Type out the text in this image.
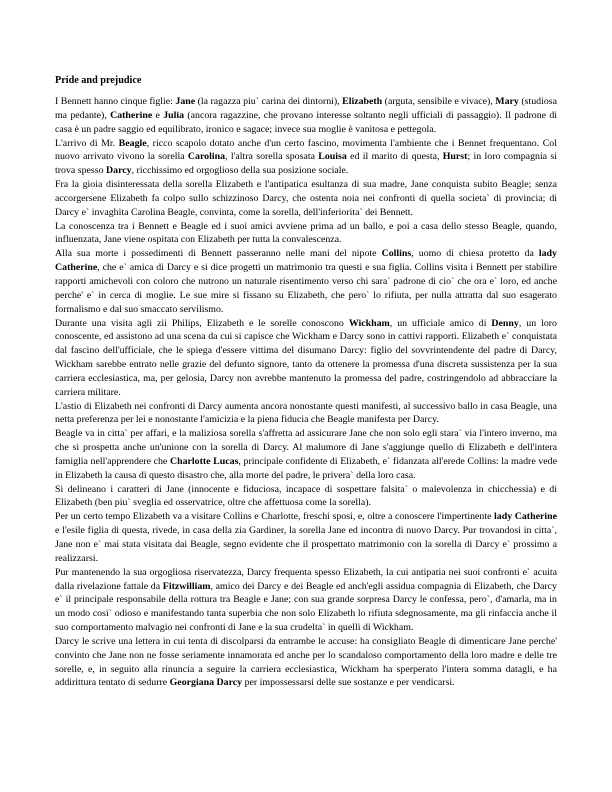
Pride and prejudice

I Bennett hanno cinque figlie: Jane (la ragazza piu` carina dei dintorni), Elizabeth (arguta, sensibile e vivace), Mary (studiosa ma pedante), Catherine e Julia (ancora ragazzine, che provano interesse soltanto negli ufficiali di passaggio). Il padrone di casa è un padre saggio ed equilibrato, ironico e sagace; invece sua moglie è vanitosa e pettegola.

L'arrivo di Mr. Beagle, ricco scapolo dotato anche d'un certo fascino, movimenta l'ambiente che i Bennet frequentano. Col nuovo arrivato vivono la sorella Carolina, l'altra sorella sposata Louisa ed il marito di questa, Hurst; in loro compagnia si trova spesso Darcy, ricchissimo ed orgoglioso della sua posizione sociale.

Fra la gioia disinteressata della sorella Elizabeth e l'antipatica esultanza di sua madre, Jane conquista subito Beagle; senza accorgersene Elizabeth fa colpo sullo schizzinoso Darcy, che ostenta noia nei confronti di quella societa` di provincia; di Darcy e` invaghita Carolina Beagle, convinta, come la sorella, dell'inferiorita` dei Bennett.

La conoscenza tra i Bennett e Beagle ed i suoi amici avviene prima ad un ballo, e poi a casa dello stesso Beagle, quando, influenzata, Jane viene ospitata con Elizabeth per tutta la convalescenza.

Alla sua morte i possedimenti di Bennett passeranno nelle mani del nipote Collins, uomo di chiesa protetto da lady Catherine, che e` amica di Darcy e si dice progetti un matrimonio tra questi e sua figlia. Collins visita i Bennett per stabilire rapporti amichevoli con coloro che nutrono un naturale risentimento verso chi sara` padrone di cio` che ora e` loro, ed anche perche' e` in cerca di moglie. Le sue mire si fissano su Elizabeth, che pero` lo rifiuta, per nulla attratta dal suo esagerato formalismo e dal suo smaccato servilismo.

Durante una visita agli zii Philips, Elizabeth e le sorelle conoscono Wickham, un ufficiale amico di Denny, un loro conoscente, ed assistono ad una scena da cui si capisce che Wickham e Darcy sono in cattivi rapporti. Elizabeth e` conquistata dal fascino dell'ufficiale, che le spiega d'essere vittima del disumano Darcy: figlio del sovvrintendente del padre di Darcy, Wickham sarebbe entrato nelle grazie del defunto signore, tanto da ottenere la promessa d'una discreta sussistenza per la sua carriera ecclesiastica, ma, per gelosia, Darcy non avrebbe mantenuto la promessa del padre, costringendolo ad abbracciare la carriera militare.

L'astio di Elizabeth nei confronti di Darcy aumenta ancora nonostante questi manifesti, al successivo ballo in casa Beagle, una netta preferenza per lei e nonostante l'amicizia e la piena fiducia che Beagle manifesta per Darcy.

Beagle va in citta` per affari, e la maliziosa sorella s'affretta ad assicurare Jane che non solo egli stara` via l'intero inverno, ma che si prospetta anche un'unione con la sorella di Darcy. Al malumore di Jane s'aggiunge quello di Elizabeth e dell'intera famiglia nell'apprendere che Charlotte Lucas, principale confidente di Elizabeth, e` fidanzata all'erede Collins: la madre vede in Elizabeth la causa di questo disastro che, alla morte del padre, le privera` della loro casa.

Si delineano i caratteri di Jane (innocente e fiduciosa, incapace di sospettare falsita` o malevolenza in chicchessia) e di Elizabeth (ben piu` sveglia ed osservatrice, oltre che affettuosa come la sorella).

Per un certo tempo Elizabeth va a visitare Collins e Charlotte, freschi sposi, e, oltre a conoscere l'impertinente lady Catherine e l'esile figlia di questa, rivede, in casa della zia Gardiner, la sorella Jane ed incontra di nuovo Darcy. Pur trovandosi in citta`, Jane non e` mai stata visitata dai Beagle, segno evidente che il prospettato matrimonio con la sorella di Darcy e` prossimo a realizzarsi.

Pur mantenendo la sua orgogliosa riservatezza, Darcy frequenta spesso Elizabeth, la cui antipatia nei suoi confronti e` acuita dalla rivelazione fattale da Fitzwilliam, amico dei Darcy e dei Beagle ed anch'egli assidua compagnia di Elizabeth, che Darcy e` il principale responsabile della rottura tra Beagle e Jane; con sua grande sorpresa Darcy le confessa, pero`, d'amarla, ma in un modo cosi` odioso e manifestando tanta superbia che non solo Elizabeth lo rifiuta sdegnosamente, ma gli rinfaccia anche il suo comportamento malvagio nei confronti di Jane e la sua crudelta` in quelli di Wickham.

Darcy le scrive una lettera in cui tenta di discolparsi da entrambe le accuse: ha consigliato Beagle di dimenticare Jane perche' convinto che Jane non ne fosse seriamente innamorata ed anche per lo scandaloso comportamento della loro madre e delle tre sorelle, e, in seguito alla rinuncia a seguire la carriera ecclesiastica, Wickham ha sperperato l'intera somma datagli, e ha addirittura tentato di sedurre Georgiana Darcy per impossessarsi delle sue sostanze e per vendicarsi.
